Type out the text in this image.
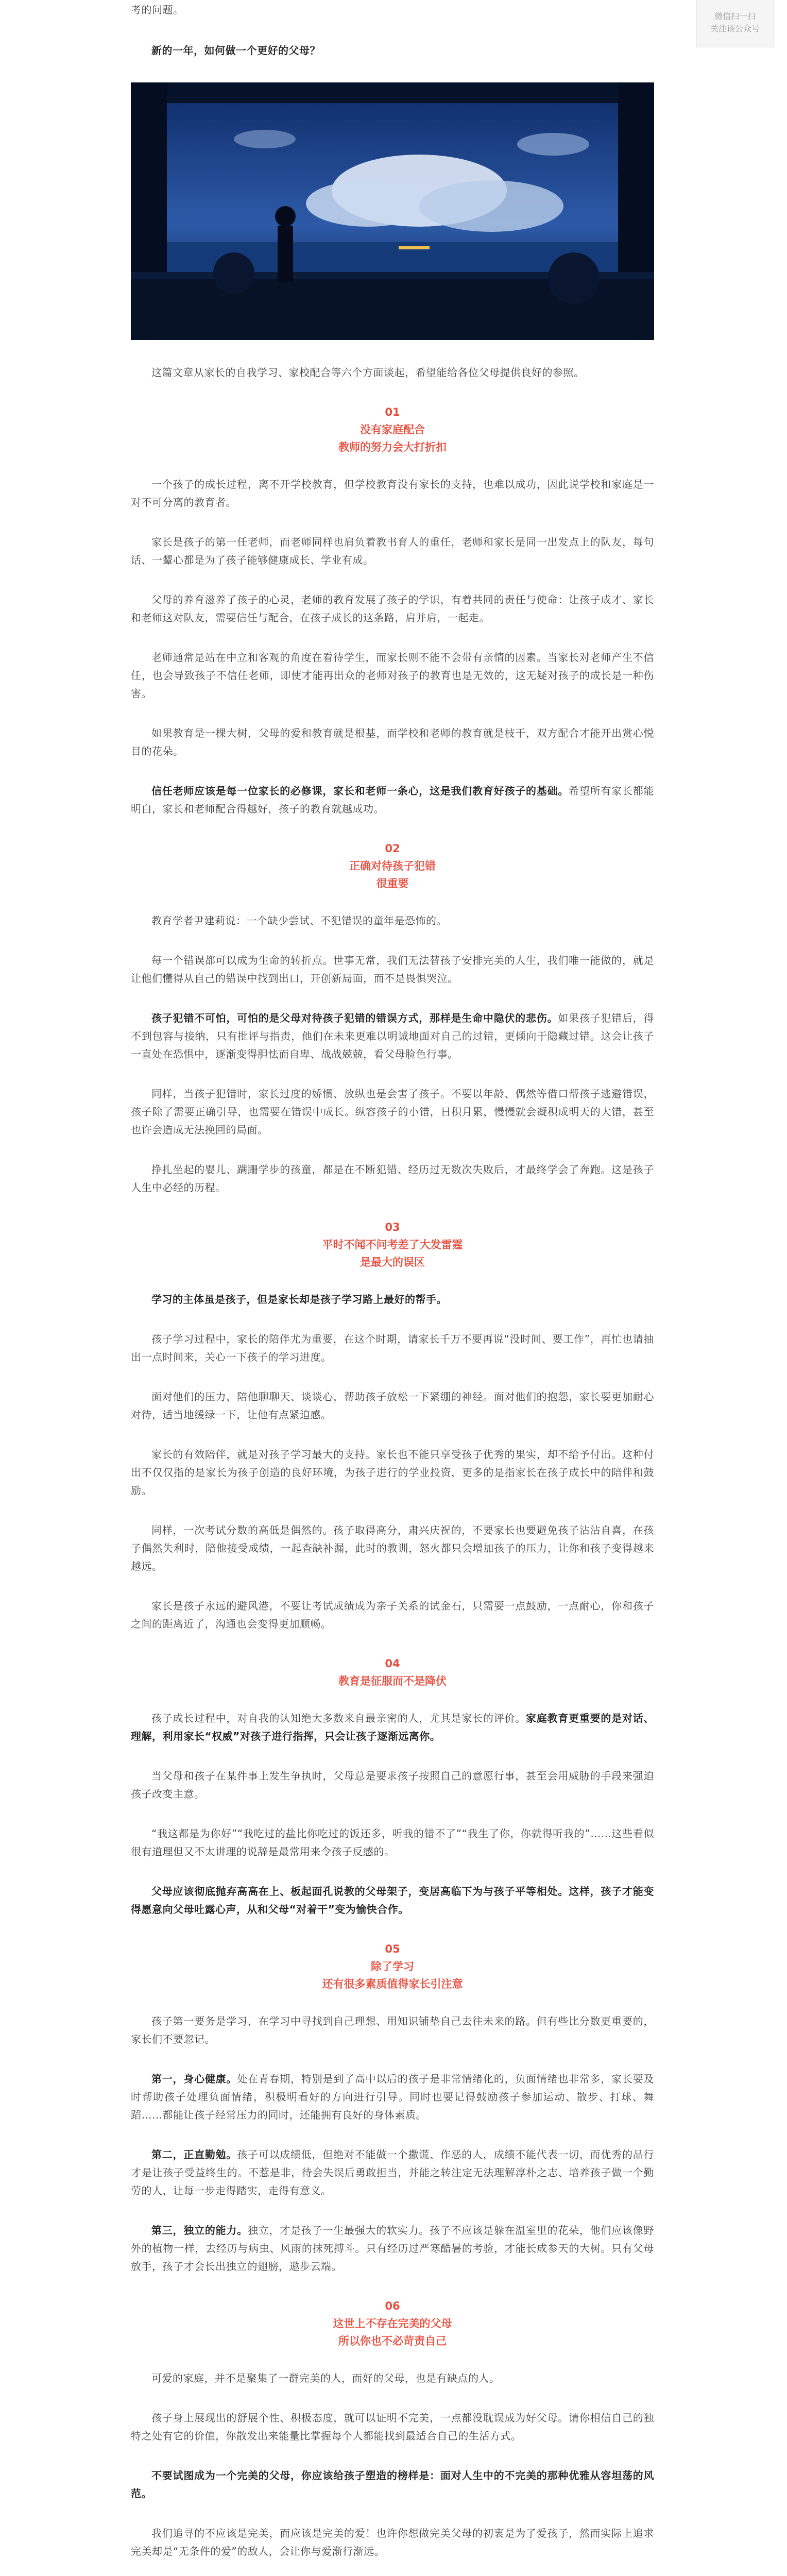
微信扫一扫
关注该公众号

考的问题。

新的一年，如何做一个更好的父母？

这篇文章从家长的自我学习、家校配合等六个方面谈起，希望能给各位父母提供良好的参照。

01
没有家庭配合
教师的努力会大打折扣

一个孩子的成长过程，离不开学校教育，但学校教育没有家长的支持，也难以成功，因此说学校和家庭是一对不可分离的教育者。

家长是孩子的第一任老师，而老师同样也肩负着教书育人的重任，老师和家长是同一出发点上的队友，每句话、一颦心都是为了孩子能够健康成长、学业有成。

父母的养育滋养了孩子的心灵，老师的教育发展了孩子的学识，有着共同的责任与使命：让孩子成才、家长和老师这对队友，需要信任与配合，在孩子成长的这条路，肩并肩，一起走。

老师通常是站在中立和客观的角度在看待学生，而家长则不能不会带有亲情的因素。当家长对老师产生不信任，也会导致孩子不信任老师，即使才能再出众的老师对孩子的教育也是无效的，这无疑对孩子的成长是一种伤害。

如果教育是一棵大树，父母的爱和教育就是根基，而学校和老师的教育就是枝干，双方配合才能开出赏心悦目的花朵。

信任老师应该是每一位家长的必修课，家长和老师一条心，这是我们教育好孩子的基础。希望所有家长都能明白，家长和老师配合得越好，孩子的教育就越成功。

02
正确对待孩子犯错
很重要

教育学者尹建莉说：一个缺少尝试、不犯错误的童年是恐怖的。

每一个错误都可以成为生命的转折点。世事无常，我们无法替孩子安排完美的人生，我们唯一能做的，就是让他们懂得从自己的错误中找到出口，开创新局面，而不是畏惧哭泣。

孩子犯错不可怕，可怕的是父母对待孩子犯错的错误方式，那样是生命中隐伏的悲伤。如果孩子犯错后，得不到包容与接纳，只有批评与指责，他们在未来更难以明诚地面对自己的过错，更倾向于隐藏过错。这会让孩子一直处在恐惧中，逐渐变得胆怯而自卑、战战兢兢，看父母脸色行事。

同样，当孩子犯错时，家长过度的娇惯、放纵也是会害了孩子。不要以年龄、偶然等借口帮孩子逃避错误，孩子除了需要正确引导，也需要在错误中成长。纵容孩子的小错，日积月累，慢慢就会凝积成明天的大错，甚至也许会造成无法挽回的局面。

挣扎坐起的婴儿、蹒跚学步的孩童，都是在不断犯错、经历过无数次失败后，才最终学会了奔跑。这是孩子人生中必经的历程。

03
平时不闻不问考差了大发雷霆
是最大的误区

学习的主体虽是孩子，但是家长却是孩子学习路上最好的帮手。

孩子学习过程中，家长的陪伴尤为重要，在这个时期，请家长千万不要再说“没时间、要工作”，再忙也请抽出一点时间来，关心一下孩子的学习进度。

面对他们的压力，陪他聊聊天、谈谈心，帮助孩子放松一下紧绷的神经。面对他们的抱怨，家长要更加耐心对待，适当地缓绿一下，让他有点紧迫感。

家长的有效陪伴，就是对孩子学习最大的支持。家长也不能只享受孩子优秀的果实，却不给予付出。这种付出不仅仅指的是家长为孩子创造的良好环境，为孩子进行的学业投资，更多的是指家长在孩子成长中的陪伴和鼓励。

同样，一次考试分数的高低是偶然的。孩子取得高分，肃兴庆祝的，不要家长也要避免孩子沾沾自喜，在孩子偶然失利时，陪他接受成绩，一起查缺补漏，此时的教训，怒火都只会增加孩子的压力，让你和孩子变得越来越远。

家长是孩子永远的避风港，不要让考试成绩成为亲子关系的试金石，只需要一点鼓励，一点耐心，你和孩子之间的距离近了，沟通也会变得更加顺畅。

04
教育是征服而不是降伏

孩子成长过程中，对自我的认知绝大多数来自最亲密的人，尤其是家长的评价。家庭教育更重要的是对话、理解，利用家长“权威”对孩子进行指挥，只会让孩子逐渐远离你。

当父母和孩子在某件事上发生争执时，父母总是要求孩子按照自己的意愿行事，甚至会用威胁的手段来强迫孩子改变主意。

“我这都是为你好”“我吃过的盐比你吃过的饭还多，听我的错不了”“我生了你，你就得听我的”……这些看似很有道理但又不太讲理的说辞是最常用来令孩子反感的。

父母应该彻底抛弃高高在上、板起面孔说教的父母架子，变居高临下为与孩子平等相处。这样，孩子才能变得愿意向父母吐露心声，从和父母“对着干”变为愉快合作。

05
除了学习
还有很多素质值得家长引注意

孩子第一要务是学习，在学习中寻找到自己理想、用知识铺垫自己去往未来的路。但有些比分数更重要的，家长们不要忽记。

第一，身心健康。处在青春期，特别是到了高中以后的孩子是非常情绪化的，负面情绪也非常多，家长要及时帮助孩子处理负面情绪，积极明看好的方向进行引导。同时也要记得鼓励孩子参加运动、散步、打球、舞蹈……都能让孩子经常压力的同时，还能拥有良好的身体素质。

第二，正直勤勉。孩子可以成绩低，但绝对不能做一个撒谎、作恶的人，成绩不能代表一切，而优秀的品行才是让孩子受益终生的。不惹是非，待会失误后勇敢担当，并能之转注定无法理解淳朴之志、培养孩子做一个勤劳的人，让每一步走得踏实，走得有意义。

第三，独立的能力。独立，才是孩子一生最强大的软实力。孩子不应该是躲在温室里的花朵，他们应该像野外的植物一样，去经历与病虫、风雨的抹死搏斗。只有经历过严寒酷暑的考验，才能长成参天的大树。只有父母放手，孩子才会长出独立的翅膀，遨步云端。

06
这世上不存在完美的父母
所以你也不必苛责自己

可爱的家庭，并不是聚集了一群完美的人，而好的父母，也是有缺点的人。

孩子身上展现出的舒展个性、积极态度，就可以证明不完美，一点都没耽误成为好父母。请你相信自己的独特之处有它的价值，你散发出来能量比掌握每个人都能找到最适合自己的生活方式。

不要试图成为一个完美的父母，你应该给孩子塑造的榜样是：面对人生中的不完美的那种优雅从容坦荡的风范。

我们追寻的不应该是完美，而应该是完美的爱！也许你想做完美父母的初衷是为了爱孩子，然而实际上追求完美却是“无条件的爱”的敌人，会让你与爱渐行渐远。
